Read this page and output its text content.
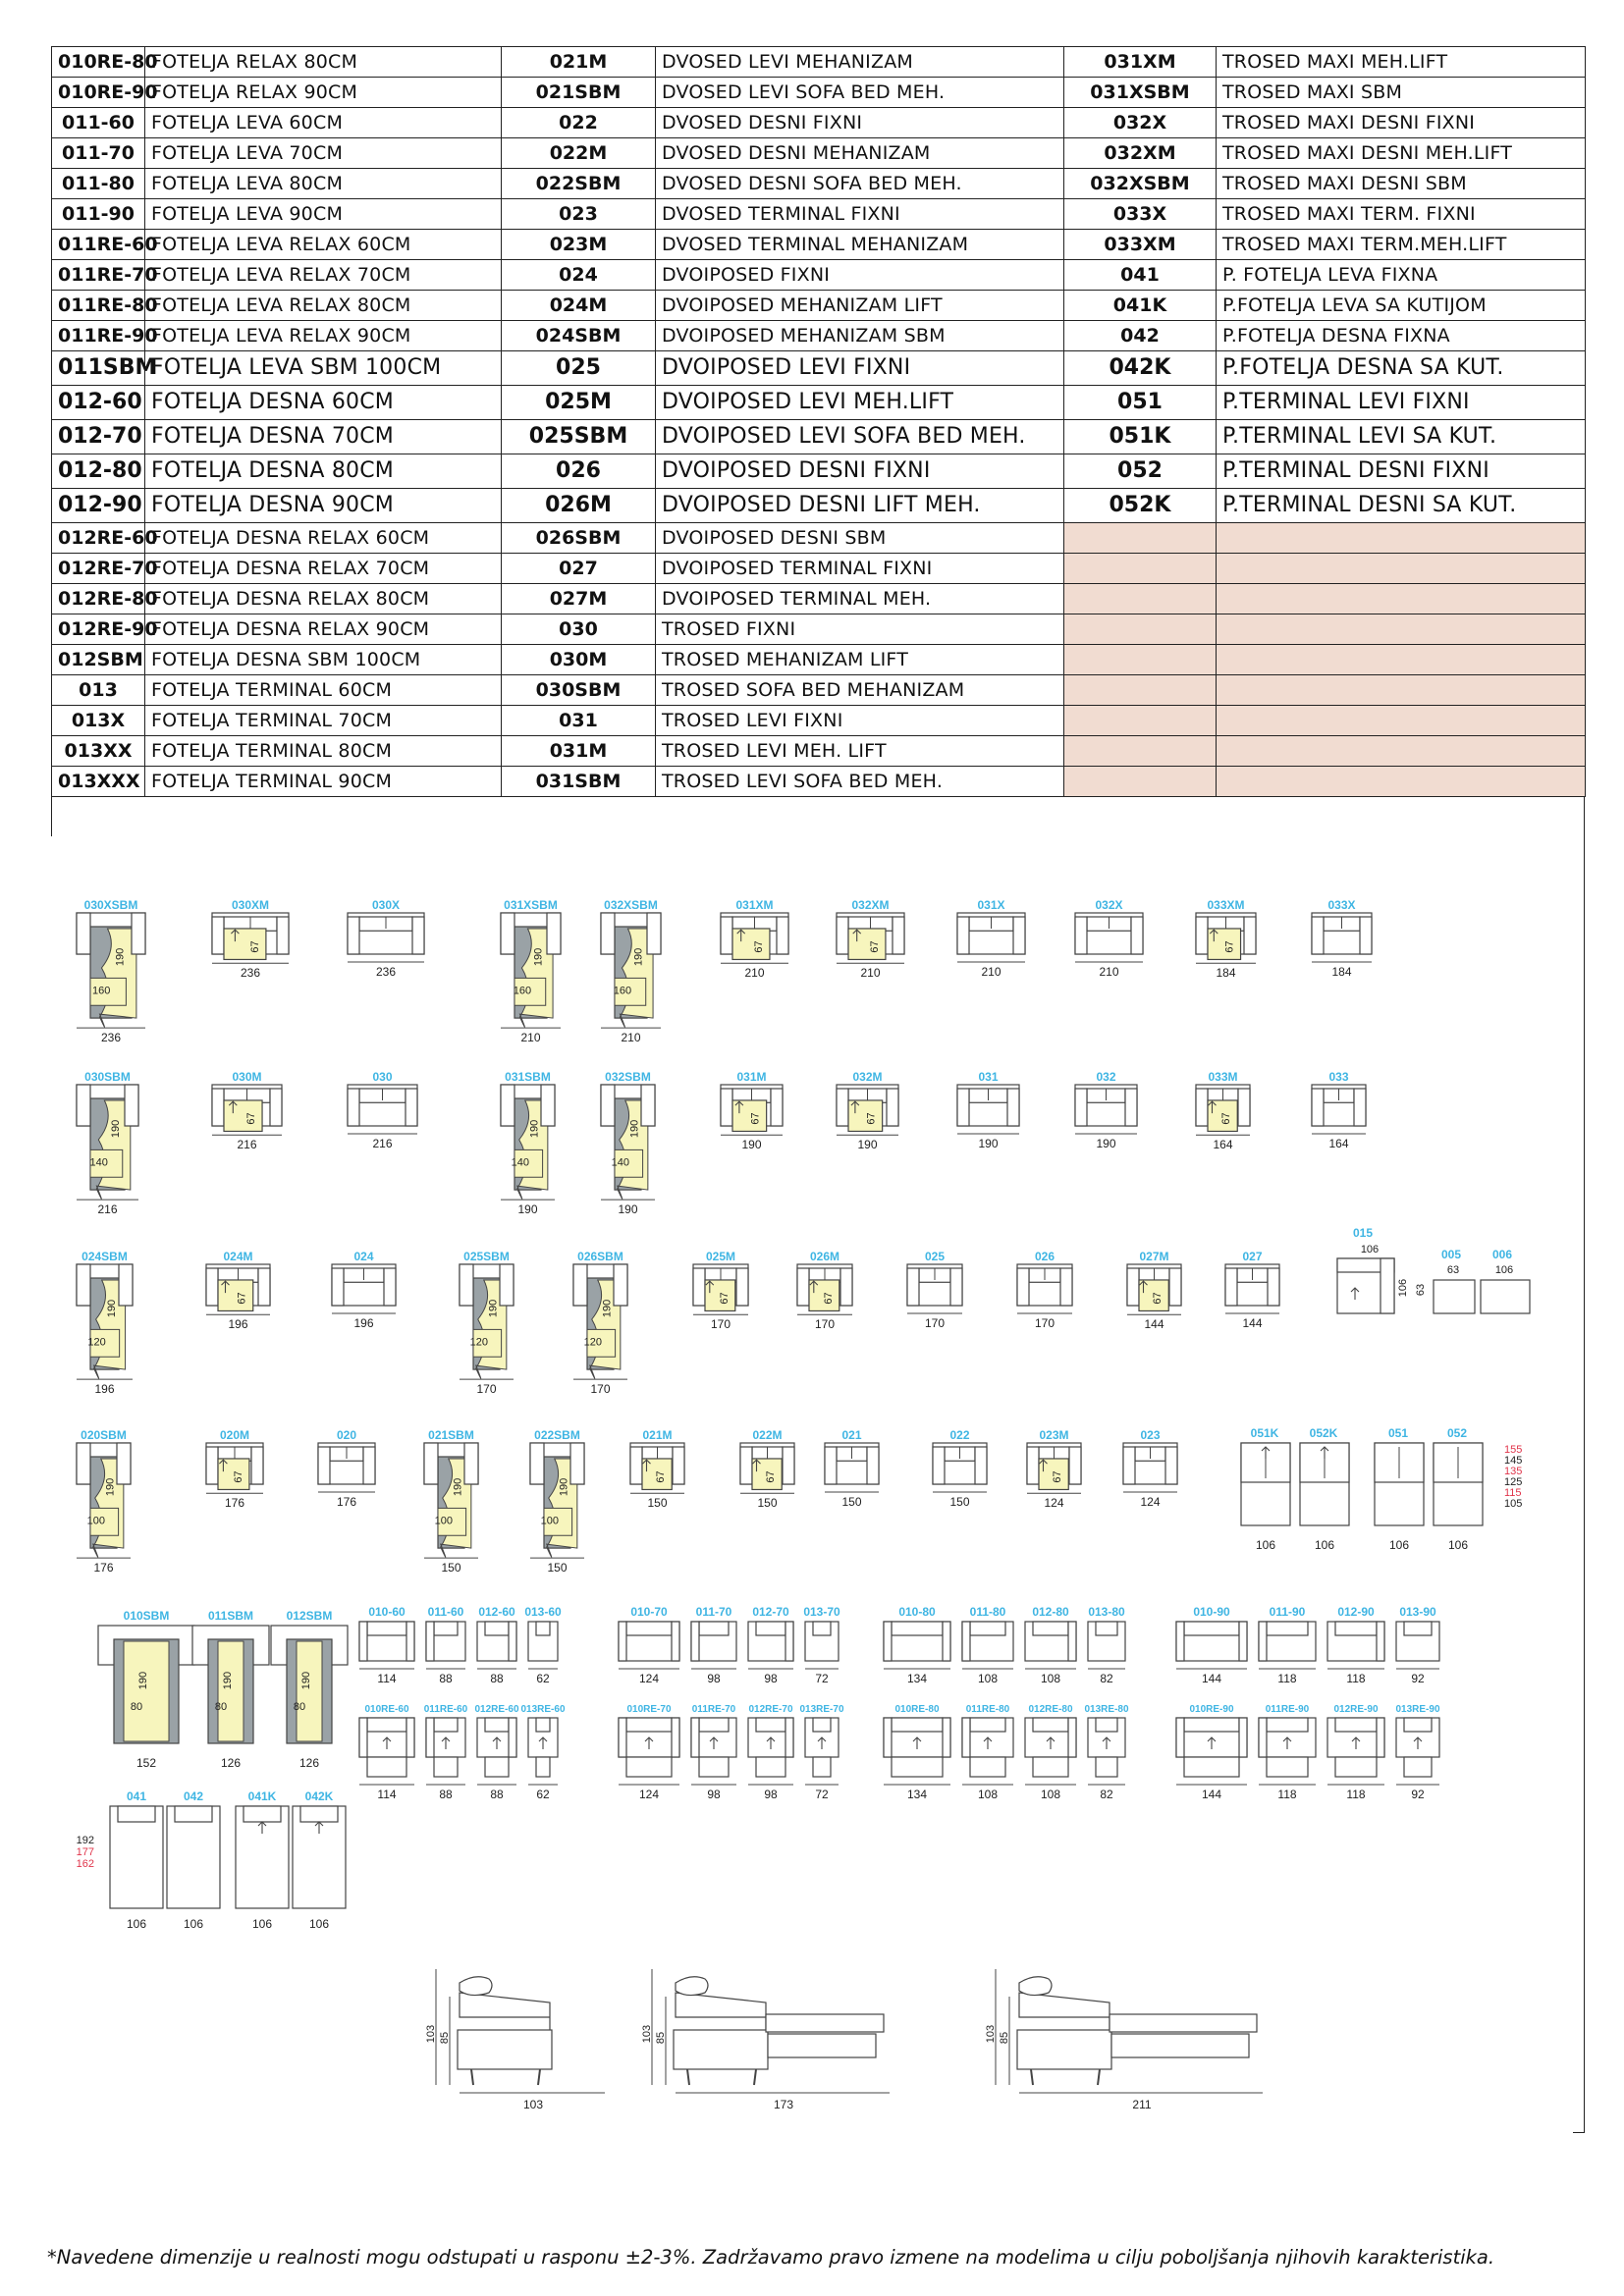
010RE-80	FOTELJA RELAX 80CM	021M	DVOSED LEVI MEHANIZAM	031XM	TROSED MAXI MEH.LIFT
010RE-90	FOTELJA RELAX 90CM	021SBM	DVOSED LEVI SOFA BED MEH.	031XSBM	TROSED MAXI SBM
011-60	FOTELJA LEVA 60CM	022	DVOSED DESNI FIXNI	032X	TROSED MAXI DESNI FIXNI
011-70	FOTELJA LEVA 70CM	022M	DVOSED DESNI MEHANIZAM	032XM	TROSED MAXI DESNI MEH.LIFT
011-80	FOTELJA LEVA 80CM	022SBM	DVOSED DESNI SOFA BED MEH.	032XSBM	TROSED MAXI DESNI SBM
011-90	FOTELJA LEVA 90CM	023	DVOSED TERMINAL FIXNI	033X	TROSED MAXI TERM. FIXNI
011RE-60	FOTELJA LEVA RELAX 60CM	023M	DVOSED TERMINAL MEHANIZAM	033XM	TROSED MAXI TERM.MEH.LIFT
011RE-70	FOTELJA LEVA RELAX 70CM	024	DVOIPOSED FIXNI	041	P. FOTELJA LEVA FIXNA
011RE-80	FOTELJA LEVA RELAX 80CM	024M	DVOIPOSED MEHANIZAM LIFT	041K	P.FOTELJA LEVA SA KUTIJOM
011RE-90	FOTELJA LEVA RELAX 90CM	024SBM	DVOIPOSED MEHANIZAM SBM	042	P.FOTELJA DESNA FIXNA
011SBM	FOTELJA LEVA SBM 100CM	025	DVOIPOSED LEVI FIXNI	042K	P.FOTELJA DESNA SA KUT.
012-60	FOTELJA DESNA 60CM	025M	DVOIPOSED LEVI MEH.LIFT	051	P.TERMINAL LEVI FIXNI
012-70	FOTELJA DESNA 70CM	025SBM	DVOIPOSED LEVI SOFA BED MEH.	051K	P.TERMINAL LEVI SA KUT.
012-80	FOTELJA DESNA 80CM	026	DVOIPOSED DESNI FIXNI	052	P.TERMINAL DESNI FIXNI
012-90	FOTELJA DESNA 90CM	026M	DVOIPOSED DESNI LIFT MEH.	052K	P.TERMINAL DESNI SA KUT.
012RE-60	FOTELJA DESNA RELAX 60CM	026SBM	DVOIPOSED DESNI SBM		
012RE-70	FOTELJA DESNA RELAX 70CM	027	DVOIPOSED TERMINAL FIXNI		
012RE-80	FOTELJA DESNA RELAX 80CM	027M	DVOIPOSED TERMINAL MEH.		
012RE-90	FOTELJA DESNA RELAX 90CM	030	TROSED FIXNI		
012SBM	FOTELJA DESNA SBM 100CM	030M	TROSED MEHANIZAM LIFT		
013	FOTELJA TERMINAL 60CM	030SBM	TROSED SOFA BED MEHANIZAM		
013X	FOTELJA TERMINAL 70CM	031	TROSED LEVI FIXNI		
013XX	FOTELJA TERMINAL 80CM	031M	TROSED LEVI MEH. LIFT		
013XXX	FOTELJA TERMINAL 90CM	031SBM	TROSED LEVI SOFA BED MEH.		
030XSBM
190
160
236
030XM
67
236
030X
236
031XSBM
190
160
210
032XSBM
190
160
210
031XM
67
210
032XM
67
210
031X
210
032X
210
033XM
67
184
033X
184
030SBM
190
140
216
030M
67
216
030
216
031SBM
190
140
190
032SBM
190
140
190
031M
67
190
032M
67
190
031
190
032
190
033M
67
164
033
164
024SBM
190
120
196
024M
67
196
024
196
025SBM
190
120
170
026SBM
190
120
170
025M
67
170
026M
67
170
025
170
026
170
027M
67
144
027
144
020SBM
190
100
176
020M
67
176
020
176
021SBM
190
100
150
022SBM
190
100
150
021M
67
150
022M
67
150
021
150
022
150
023M
67
124
023
124
015
106
106 63
005
63
006
106
051K
106
052K
106
051
106
052
106
155
145
135
125
115
105
010SBM
190
80
152
011SBM
190
80
126
012SBM
190
80
126
010-60
114
011-60
88
012-60
88
013-60
62
010-70
124
011-70
98
012-70
98
013-70
72
010-80
134
011-80
108
012-80
108
013-80
82
010-90
144
011-90
118
012-90
118
013-90
92
010RE-60
114
011RE-60
88
012RE-60
88
013RE-60
62
010RE-70
124
011RE-70
98
012RE-70
98
013RE-70
72
010RE-80
134
011RE-80
108
012RE-80
108
013RE-80
82
010RE-90
144
011RE-90
118
012RE-90
118
013RE-90
92
041
106
042
106
041K
106
042K
106
192
177
162
103 85
103
103 85
173
103 85
211
*Navedene dimenzije u realnosti mogu odstupati u rasponu ±2-3%. Zadržavamo pravo izmene na modelima u cilju poboljšanja njihovih karakteristika.
